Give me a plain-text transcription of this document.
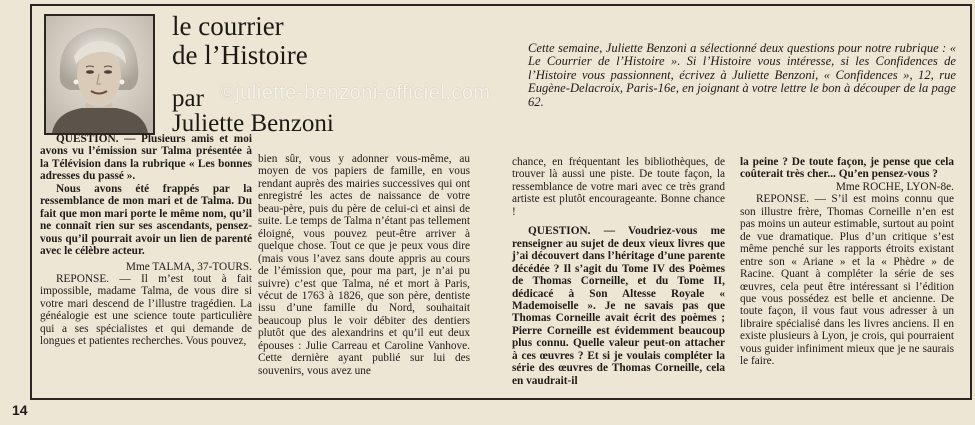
le courrier
de l’Histoire
par
Juliette Benzoni
©juliette-benzoni-officiel.com
Cette semaine, Juliette Benzoni a sélectionné deux questions pour notre rubrique : « Le Courrier de l’Histoire ». Si l’Histoire vous intéresse, si les Confidences de l’Histoire vous passionnent, écrivez à Juliette Benzoni, « Confidences », 12, rue Eugène-Delacroix, Paris-16e, en joignant à votre lettre le bon à découper de la page 62.

QUESTION. — Plusieurs amis et moi avons vu l’émission sur Talma présentée à la Télévision dans la rubrique « Les bonnes adresses du passé ».

Nous avons été frappés par la ressemblance de mon mari et de Talma. Du fait que mon mari porte le même nom, qu’il ne connaît rien sur ses ascendants, pensez-vous qu’il pourrait avoir un lien de parenté avec le célèbre acteur.

Mme TALMA, 37-TOURS.

REPONSE. — Il m’est tout à fait impossible, madame Talma, de vous dire si votre mari descend de l’illustre tragédien. La généalogie est une science toute particulière qui a ses spécialistes et qui demande de longues et patientes recherches. Vous pouvez,

bien sûr, vous y adonner vous-même, au moyen de vos papiers de famille, en vous rendant auprès des mairies successives qui ont enregistré les actes de naissance de votre beau-père, puis du père de celui-ci et ainsi de suite. Le temps de Talma n’étant pas tellement éloigné, vous pouvez peut-être arriver à quelque chose. Tout ce que je peux vous dire (mais vous l’avez sans doute appris au cours de l’émission que, pour ma part, je n’ai pu suivre) c’est que Talma, né et mort à Paris, vécut de 1763 à 1826, que son père, dentiste issu d’une famille du Nord, souhaitait beaucoup plus le voir débiter des dentiers plutôt que des alexandrins et qu’il eut deux épouses : Julie Carreau et Caroline Vanhove. Cette dernière ayant publié sur lui des souvenirs, vous avez une

chance, en fréquentant les bibliothèques, de trouver là aussi une piste. De toute façon, la ressemblance de votre mari avec ce très grand artiste est plutôt encourageante. Bonne chance !

QUESTION. — Voudriez-vous me renseigner au sujet de deux vieux livres que j’ai découvert dans l’héritage d’une parente décédée ? Il s’agit du Tome IV des Poèmes de Thomas Corneille, et du Tome II, dédicacé à Son Altesse Royale « Mademoiselle ». Je ne savais pas que Thomas Corneille avait écrit des poèmes ; Pierre Corneille est évidemment beaucoup plus connu. Quelle valeur peut-on attacher à ces œuvres ? Et si je voulais compléter la série des œuvres de Thomas Corneille, cela en vaudrait-il

la peine ? De toute façon, je pense que cela coûterait très cher... Qu’en pensez-vous ?

Mme ROCHE, LYON-8e.

REPONSE. — S’il est moins connu que son illustre frère, Thomas Corneille n’en est pas moins un auteur estimable, surtout au point de vue dramatique. Plus d’un critique s’est même penché sur les rapports étroits existant entre son « Ariane » et la « Phèdre » de Racine. Quant à compléter la série de ses œuvres, cela peut être intéressant si l’édition que vous possédez est belle et ancienne. De toute façon, il vous faut vous adresser à un libraire spécialisé dans les livres anciens. Il en existe plusieurs à Lyon, je crois, qui pourraient vous guider infiniment mieux que je ne saurais le faire.

14
